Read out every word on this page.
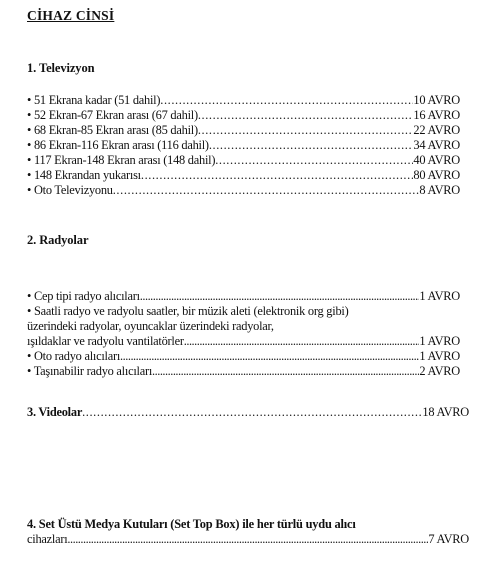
CİHAZ CİNSİ
1. Televizyon
• 51 Ekrana kadar (51 dahil) .....	10 AVRO
• 52 Ekran-67 Ekran arası (67 dahil) .....	16 AVRO
• 68 Ekran-85 Ekran arası (85 dahil) .....	22 AVRO
• 86 Ekran-116 Ekran arası (116 dahil) .....	34 AVRO
• 117 Ekran-148 Ekran arası (148 dahil) .....	40 AVRO
• 148 Ekrandan yukarısı .....	80 AVRO
• Oto Televizyonu .....	8 AVRO
2. Radyolar
• Cep tipi radyo alıcıları .....	1 AVRO
• Saatli radyo ve radyolu saatler, bir müzik aleti (elektronik org gibi)
üzerindeki radyolar, oyuncaklar üzerindeki radyolar,
ışıldaklar ve radyolu vantilatörler .....	1 AVRO
• Oto radyo alıcıları .....	1 AVRO
• Taşınabilir radyo alıcıları .....	2 AVRO
3. Videolar .....	18 AVRO
4. Set Üstü Medya Kutuları (Set Top Box) ile her türlü uydu alıcı
cihazları .....	7 AVRO
